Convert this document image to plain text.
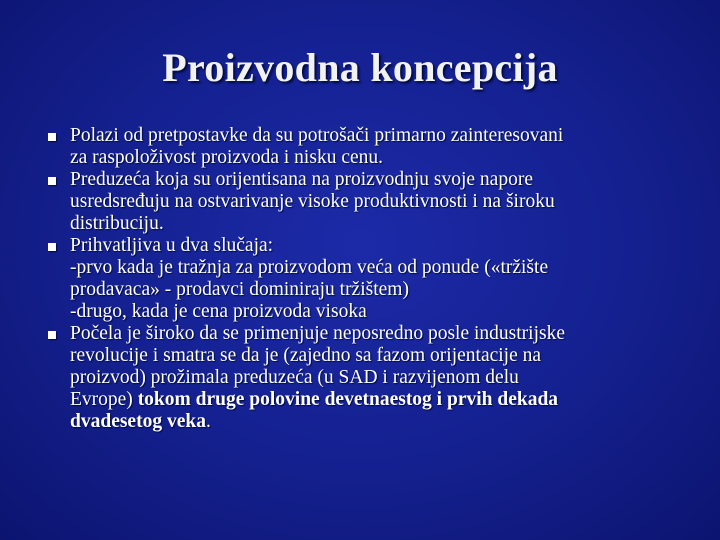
Proizvodna koncepcija
Polazi od pretpostavke da su potrošači primarno zainteresovani
za raspoloživost proizvoda i nisku cenu.
Preduzeća koja su orijentisana na proizvodnju svoje napore
usredsređuju na ostvarivanje visoke produktivnosti i na široku
distribuciju.
Prihvatljiva u dva slučaja:
-prvo kada je tražnja za proizvodom veća od ponude («tržište
prodavaca» - prodavci dominiraju tržištem)
-drugo, kada je cena proizvoda visoka
Počela je široko da se primenjuje neposredno posle industrijske
revolucije i smatra se da je (zajedno sa fazom orijentacije na
proizvod) prožimala preduzeća (u SAD i razvijenom delu
Evrope) tokom druge polovine devetnaestog i prvih dekada
dvadesetog veka.
